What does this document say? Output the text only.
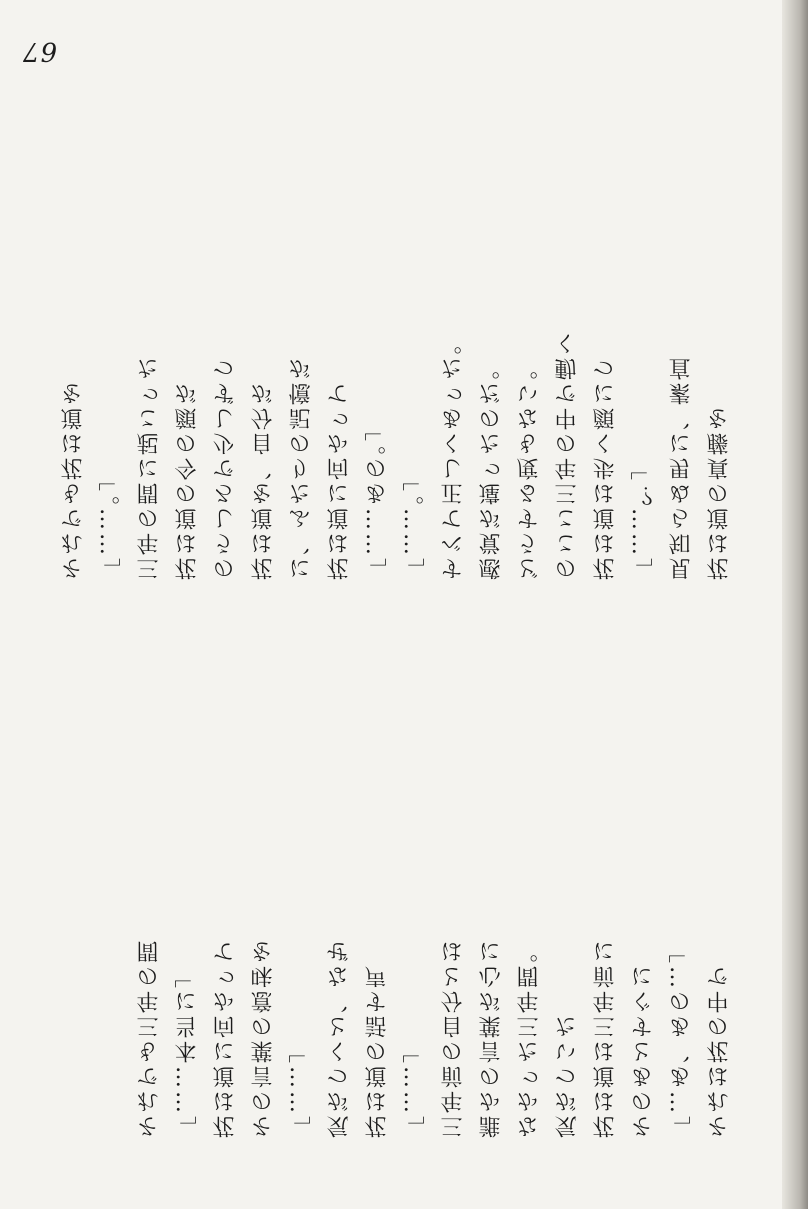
67
花は道の真藤を
見知らぬ男に、素直
「……？」
花は道は歩く顔につ
のここ三年の中で動く
どうする度もない。
感覚が違ったのだ。
すべて正しくあった。
「……。」
「……あの。」
花は道に向かって
に、ふたりの記憶が
花は道を、自分が
のうしろで少しずつ
花は道の今の顔が
三年の間に起こった
「……。」
それでも花は道を
それは花の中で
「…あ、あの…」
そのあとすぐに
花は道は三年前に
気がついた
なかった三年間。
誰かの言葉が心に
三年前の自分とは
「……」
花は道の話す声
気がつくと、なぜ
「……」
その言葉の意味を
花は道に向かって
「……本当に」
それでも三年の間
